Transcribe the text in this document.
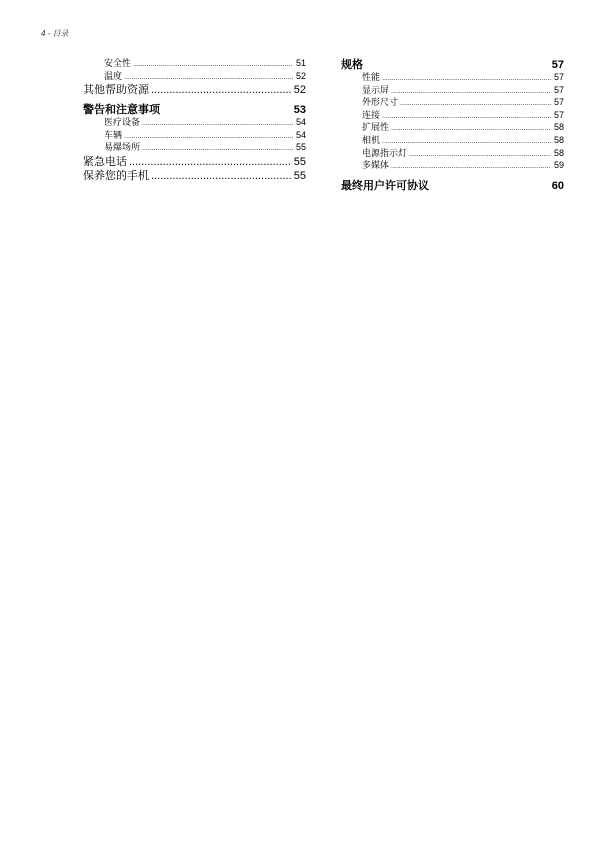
4 - 目录
安全性 .....	51
温度 .....	52
其他帮助资源 .....	52
警告和注意事项	53
医疗设备 .....	54
车辆 .....	54
易爆场所 .....	55
紧急电话 .....	55
保养您的手机 .....	55
规格	57
性能 .....	57
显示屏 .....	57
外形尺寸 .....	57
连接 .....	57
扩展性 .....	58
相机 .....	58
电源指示灯 .....	58
多媒体 .....	59
最终用户许可协议	60
